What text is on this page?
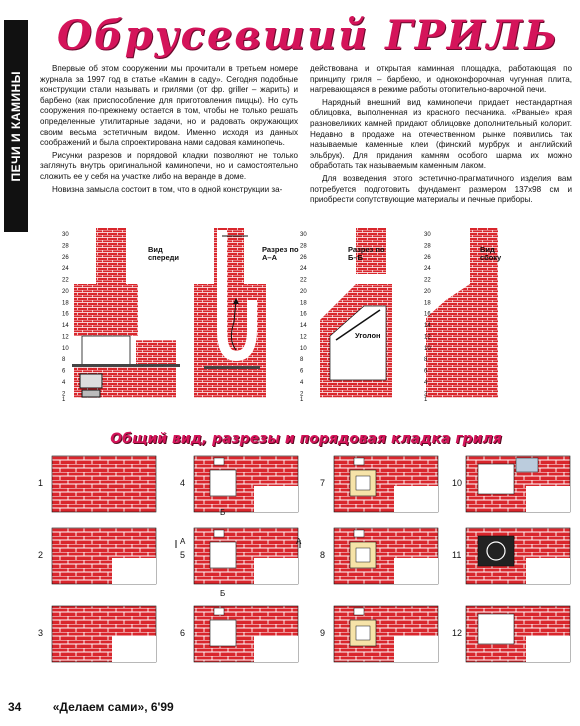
ПЕЧИ И КАМИНЫ
Обрусевший ГРИЛЬ

Впервые об этом сооружении мы прочитали в третьем номере журнала за 1997 год в статье «Камин в саду». Сегодня подобные конструкции стали называть и грилями (от фр. griller – жарить) и барбено (как приспособление для приготовления пиццы). Но суть сооружения по-прежнему остается в том, чтобы не только решать определенные утилитарные задачи, но и радовать окружающих своим весьма эстетичным видом. Именно исходя из данных соображений и была спроектирована нами садовая каминопечь.

Рисунки разрезов и порядовой кладки позволяют не только заглянуть внутрь оригинальной каминопечи, но и самостоятельно сложить ее у себя на участке либо на веранде в доме.

Новизна замысла состоит в том, что в одной конструкции за-

действована и открытая каминная площадка, работающая по принципу гриля – барбекю, и одноконфорочная чугунная плита, нагревающаяся в режиме работы отопительно-варочной печи.

Нарядный внешний вид каминопечи придает нестандартная облицовка, выполненная из красного песчаника. «Рваные» края разновеликих камней придают облицовке дополнительный колорит. Недавно в продаже на отечественном рынке появились так называемые каменные клеи (финский мурбрук и английский эльбрук). Для придания камням особого шарма их можно обработать так называемым каменным лаком.

Для возведения этого эстетично-прагматичного изделия вам потребуется подготовить фундамент размером 137х98 см и приобрести сопутствующие материалы и печные приборы.

30
28
26
24
22
20
18
16
14
12
10
8
6
4
2
1
30
28
26
24
22
20
18
16
14
12
10
8
6
4
2
1
30
28
26
24
22
20
18
16
14
12
10
8
6
4
2
1
А	А
Б
Б
Вид спереди
Разрез по А–А
Разрез по Б–Б
Вид сбоку
Уголон
Общий вид, разрезы и порядовая кладка гриля
1
2
3
4
5
6
7
8
9
10
11
12
34	«Делаем сами», 6'99
